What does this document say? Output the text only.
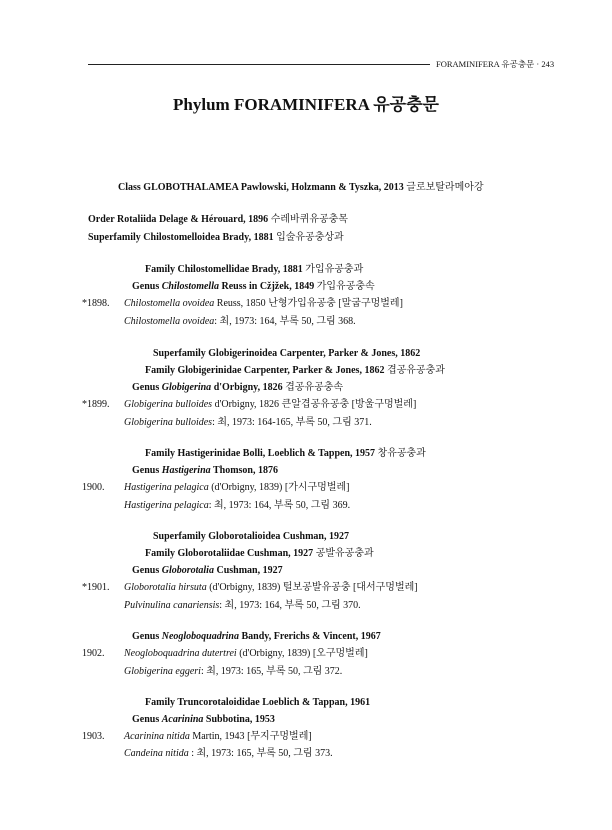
FORAMINIFERA 유공충문 · 243
Phylum FORAMINIFERA 유공충문
Class GLOBOTHALAMEA Pawlowski, Holzmann & Tyszka, 2013 글로보탈라메아강
Order Rotaliida Delage & Hérouard, 1896 수레바퀴유공충목
Superfamily Chilostomelloidea Brady, 1881 입술유공충상과
Family Chilostomellidae Brady, 1881 가입유공충과
Genus Chilostomella Reuss in Cžjžek, 1849 가입유공충속
*1898. Chilostomella ovoidea Reuss, 1850 난형가입유공충 [말굽구멍벌레]
Chilostomella ovoidea: 최, 1973: 164, 부록 50, 그림 368.
Superfamily Globigerinoidea Carpenter, Parker & Jones, 1862
Family Globigerinidae Carpenter, Parker & Jones, 1862 겹공유공충과
Genus Globigerina d'Orbigny, 1826 겹공유공충속
*1899. Globigerina bulloides d'Orbigny, 1826 큰알겹공유공충 [방울구멍벌레]
Globigerina bulloides: 최, 1973: 164-165, 부록 50, 그림 371.
Family Hastigerinidae Bolli, Loeblich & Tappen, 1957 창유공충과
Genus Hastigerina Thomson, 1876
1900. Hastigerina pelagica (d'Orbigny, 1839) [가시구멍벌레]
Hastigerina pelagica: 최, 1973: 164, 부록 50, 그림 369.
Superfamily Globorotalioidea Cushman, 1927
Family Globorotaliidae Cushman, 1927 공발유공충과
Genus Globorotalia Cushman, 1927
*1901. Globorotalia hirsuta (d'Orbigny, 1839) 털보공발유공충 [대서구멍벌레]
Pulvinulina canariensis: 최, 1973: 164, 부록 50, 그림 370.
Genus Neogloboquadrina Bandy, Frerichs & Vincent, 1967
1902. Neogloboquadrina dutertrei (d'Orbigny, 1839) [오구멍벌레]
Globigerina eggeri: 최, 1973: 165, 부록 50, 그림 372.
Family Truncorotaloididae Loeblich & Tappan, 1961
Genus Acarinina Subbotina, 1953
1903. Acarinina nitida Martin, 1943 [무지구멍벌레]
Candeina nitida : 최, 1973: 165, 부록 50, 그림 373.
